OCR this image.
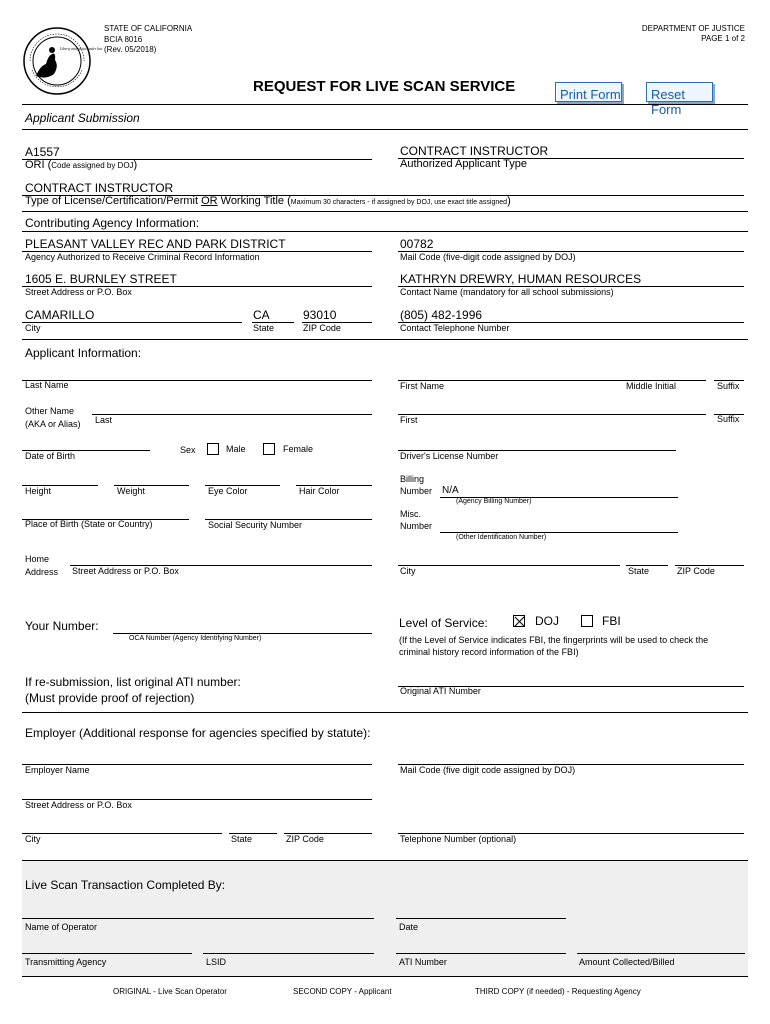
Liberty and justice under law
STATE OF CALIFORNIA
BCIA 8016
(Rev. 05/2018)
DEPARTMENT OF JUSTICE
PAGE 1 of 2
REQUEST FOR LIVE SCAN SERVICE	Print Form	Reset Form
Applicant Submission
A1557
ORI (Code assigned by DOJ)
CONTRACT INSTRUCTOR
Authorized Applicant Type
CONTRACT INSTRUCTOR
Type of License/Certification/Permit OR Working Title (Maximum 30 characters - if assigned by DOJ, use exact title assigned)
Contributing Agency Information:
PLEASANT VALLEY REC AND PARK DISTRICT
Agency Authorized to Receive Criminal Record Information
00782
Mail Code (five-digit code assigned by DOJ)
1605 E. BURNLEY STREET
Street Address or P.O. Box
KATHRYN DREWRY, HUMAN RESOURCES
Contact Name (mandatory for all school submissions)
CAMARILLO
City
CA
State
93010
ZIP Code
(805) 482-1996
Contact Telephone Number
Applicant Information:
Last Name	First Name	Middle Initial	Suffix
Other Name
(AKA or Alias) Last	First	Suffix
Date of Birth
Sex	Male	Female
Driver's License Number
Height	Weight	Eye Color	Hair Color
Billing
Number N/A
(Agency Billing Number)
Place of Birth (State or Country)	Social Security Number
Misc.
Number
(Other Identification Number)
Home
Address Street Address or P.O. Box	City	State	ZIP Code
Your Number:
OCA Number (Agency Identifying Number)
Level of Service:	DOJ	FBI
(If the Level of Service indicates FBI, the fingerprints will be used to check the
criminal history record information of the FBI)
If re-submission, list original ATI number:
(Must provide proof of rejection)	Original ATI Number
Employer (Additional response for agencies specified by statute):
Employer Name	Mail Code (five digit code assigned by DOJ)
Street Address or P.O. Box
City	State	ZIP Code	Telephone Number (optional)
Live Scan Transaction Completed By:
Name of Operator	Date
Transmitting Agency	LSID	ATI Number	Amount Collected/Billed
ORIGINAL - Live Scan Operator	SECOND COPY - Applicant	THIRD COPY (if needed) - Requesting Agency
